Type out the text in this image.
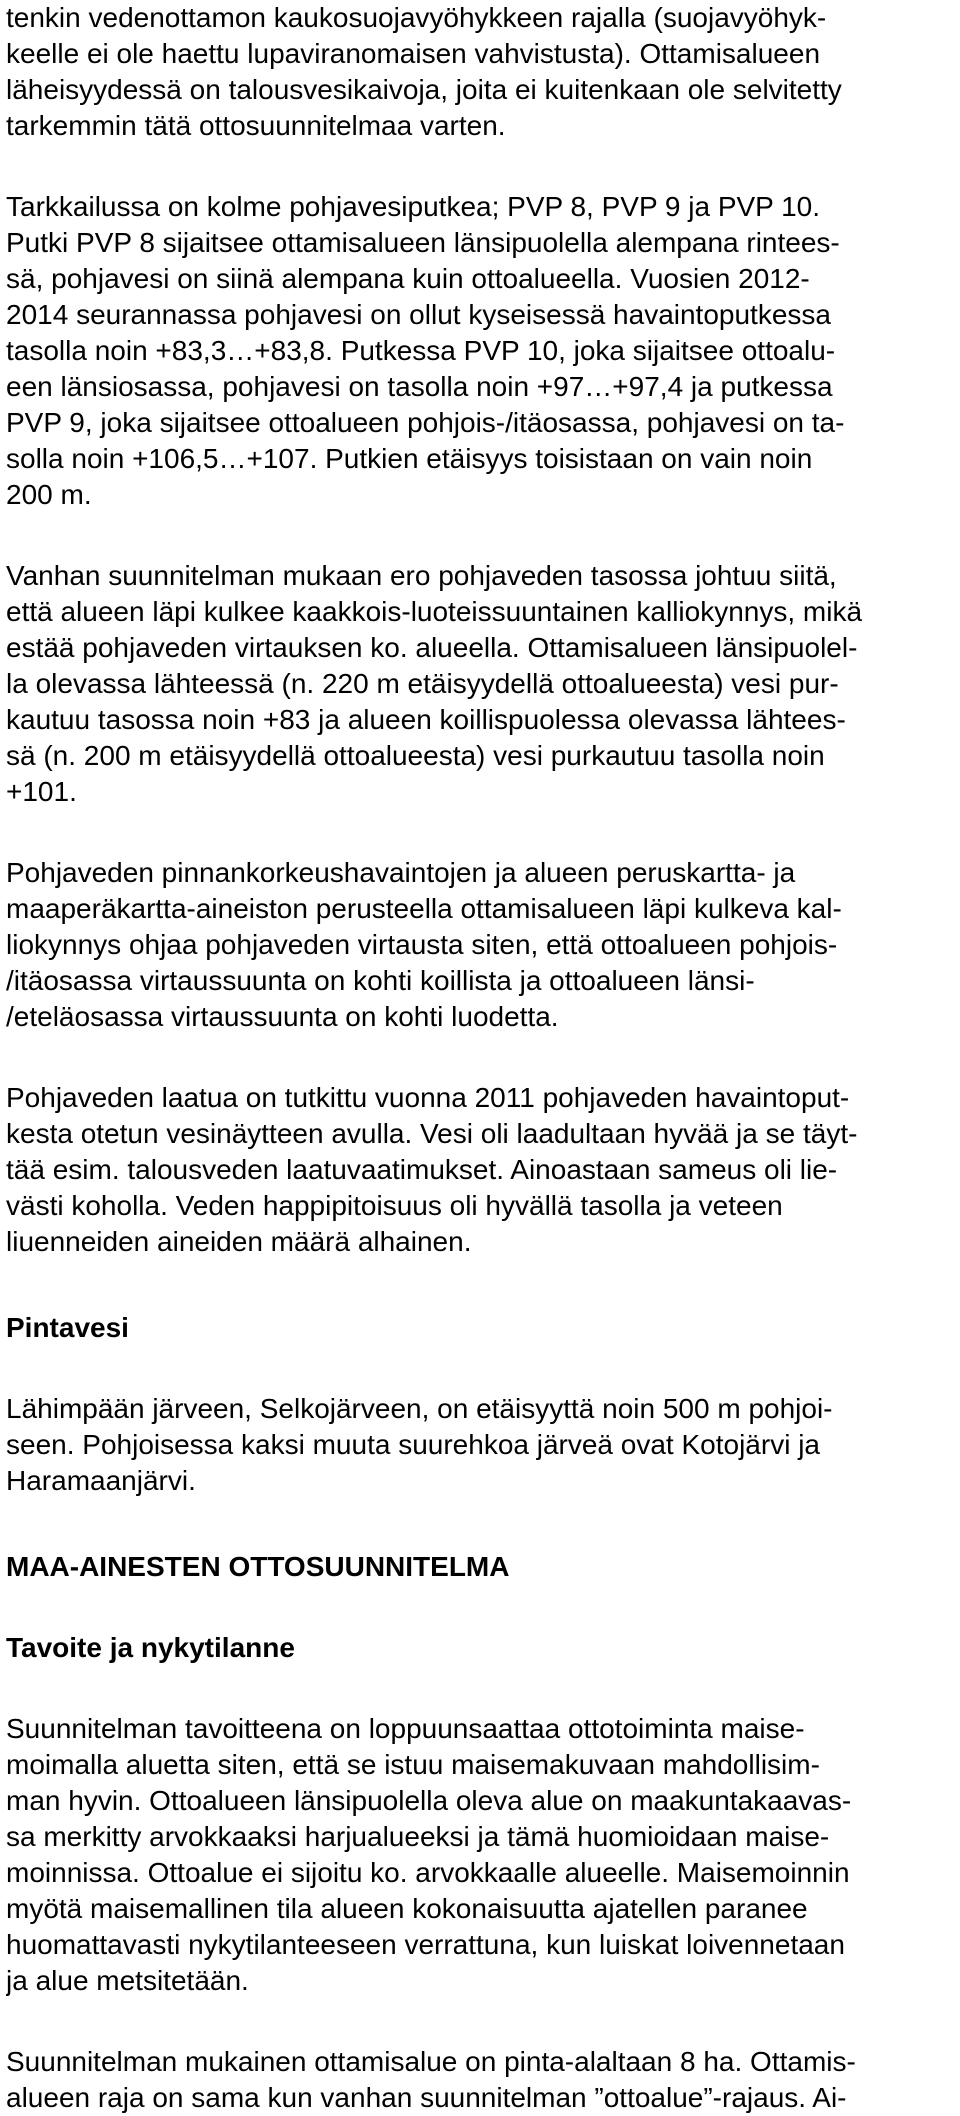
tenkin vedenottamon kaukosuojavyöhykkeen rajalla (suojavyöhyk-
keelle ei ole haettu lupaviranomaisen vahvistusta). Ottamisalueen
läheisyydessä on talousvesikaivoja, joita ei kuitenkaan ole selvitetty
tarkemmin tätä ottosuunnitelmaa varten.
Tarkkailussa on kolme pohjavesiputkea; PVP 8, PVP 9 ja PVP 10.
Putki PVP 8 sijaitsee ottamisalueen länsipuolella alempana rintees-
sä, pohjavesi on siinä alempana kuin ottoalueella. Vuosien 2012-
2014 seurannassa pohjavesi on ollut kyseisessä havaintoputkessa
tasolla noin +83,3…+83,8. Putkessa PVP 10, joka sijaitsee ottoalu-
een länsiosassa, pohjavesi on tasolla noin +97…+97,4 ja putkessa
PVP 9, joka sijaitsee ottoalueen pohjois-/itäosassa, pohjavesi on ta-
solla noin +106,5…+107. Putkien etäisyys toisistaan on vain noin
200 m.
Vanhan suunnitelman mukaan ero pohjaveden tasossa johtuu siitä,
että alueen läpi kulkee kaakkois-luoteissuuntainen kalliokynnys, mikä
estää pohjaveden virtauksen ko. alueella. Ottamisalueen länsipuolel-
la olevassa lähteessä (n. 220 m etäisyydellä ottoalueesta) vesi pur-
kautuu tasossa noin +83 ja alueen koillispuolessa olevassa lähtees-
sä (n. 200 m etäisyydellä ottoalueesta) vesi purkautuu tasolla noin
+101.
Pohjaveden pinnankorkeushavaintojen ja alueen peruskartta- ja
maaperäkartta-aineiston perusteella ottamisalueen läpi kulkeva kal-
liokynnys ohjaa pohjaveden virtausta siten, että ottoalueen pohjois-
/itäosassa virtaussuunta on kohti koillista ja ottoalueen länsi-
/eteläosassa virtaussuunta on kohti luodetta.
Pohjaveden laatua on tutkittu vuonna 2011 pohjaveden havaintoput-
kesta otetun vesinäytteen avulla. Vesi oli laadultaan hyvää ja se täyt-
tää esim. talousveden laatuvaatimukset. Ainoastaan sameus oli lie-
västi koholla. Veden happipitoisuus oli hyvällä tasolla ja veteen
liuenneiden aineiden määrä alhainen.
Pintavesi
Lähimpään järveen, Selkojärveen, on etäisyyttä noin 500 m pohjoi-
seen. Pohjoisessa kaksi muuta suurehkoa järveä ovat Kotojärvi ja
Haramaanjärvi.
MAA-AINESTEN OTTOSUUNNITELMA
Tavoite ja nykytilanne
Suunnitelman tavoitteena on loppuunsaattaa ottotoiminta maise-
moimalla aluetta siten, että se istuu maisemakuvaan mahdollisim-
man hyvin. Ottoalueen länsipuolella oleva alue on maakuntakaavas-
sa merkitty arvokkaaksi harjualueeksi ja tämä huomioidaan maise-
moinnissa. Ottoalue ei sijoitu ko. arvokkaalle alueelle. Maisemoinnin
myötä maisemallinen tila alueen kokonaisuutta ajatellen paranee
huomattavasti nykytilanteeseen verrattuna, kun luiskat loivennetaan
ja alue metsitetään.
Suunnitelman mukainen ottamisalue on pinta-alaltaan 8 ha. Ottamis-
alueen raja on sama kun vanhan suunnitelman ”ottoalue”-rajaus. Ai-
